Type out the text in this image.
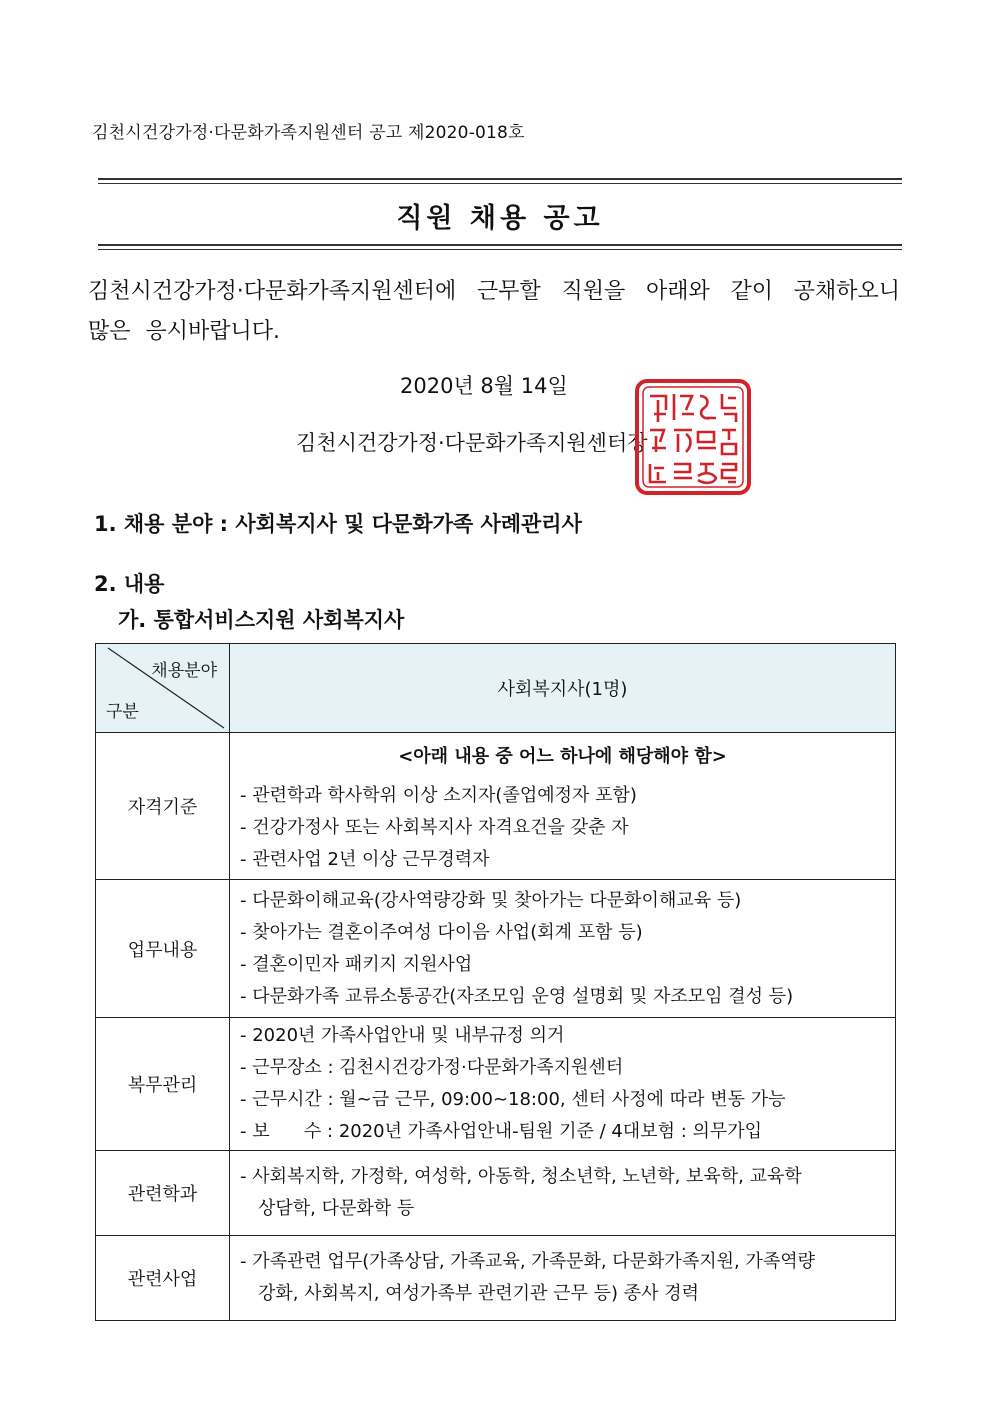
김천시건강가정·다문화가족지원센터 공고 제2020-018호
직원 채용 공고
김천시건강가정·다문화가족지원센터에 근무할 직원을 아래와 같이 공채하오니 많은 응시바랍니다.
2020년 8월 14일
김천시건강가정·다문화가족지원센터장
1. 채용 분야 : 사회복지사 및 다문화가족 사례관리사
2. 내용
가. 통합서비스지원 사회복지사
채용분야
구분	사회복지사(1명)
자격기준	<아래 내용 중 어느 하나에 해당해야 함>
- 관련학과 학사학위 이상 소지자(졸업예정자 포함)
- 건강가정사 또는 사회복지사 자격요건을 갖춘 자
- 관련사업 2년 이상 근무경력자

업무내용	- 다문화이해교육(강사역량강화 및 찾아가는 다문화이해교육 등)
- 찾아가는 결혼이주여성 다이음 사업(회계 포함 등)
- 결혼이민자 패키지 지원사업
- 다문화가족 교류소통공간(자조모임 운영 설명회 및 자조모임 결성 등)

복무관리	- 2020년 가족사업안내 및 내부규정 의거
- 근무장소 : 김천시건강가정·다문화가족지원센터
- 근무시간 : 월~금 근무, 09:00~18:00, 센터 사정에 따라 변동 가능
- 보      수 : 2020년 가족사업안내-팀원 기준 / 4대보험 : 의무가입

관련학과	- 사회복지학, 가정학, 여성학, 아동학, 청소년학, 노년학, 보육학, 교육학
상담학, 다문화학 등

관련사업	- 가족관련 업무(가족상담, 가족교육, 가족문화, 다문화가족지원, 가족역량
강화, 사회복지, 여성가족부 관련기관 근무 등) 종사 경력
